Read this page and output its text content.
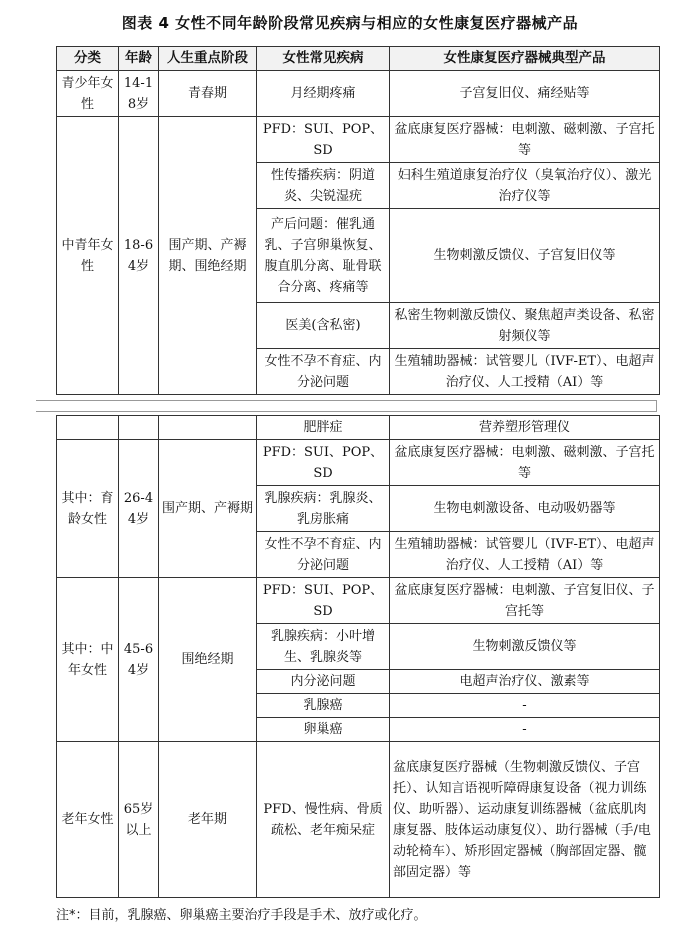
图表 4 女性不同年龄阶段常见疾病与相应的女性康复医疗器械产品
分类	年龄	人生重点阶段	女性常见疾病	女性康复医疗器械典型产品
青少年女性	14-18岁	青春期	月经期疼痛	子宫复旧仪、痛经贴等
中青年女性	18-64岁	围产期、产褥期、围绝经期	PFD：SUI、POP、SD	盆底康复医疗器械：电刺激、磁刺激、子宫托等
			性传播疾病：阴道炎、尖锐湿疣	妇科生殖道康复治疗仪（臭氧治疗仪）、激光治疗仪等
			产后问题：催乳通乳、子宫卵巢恢复、腹直肌分离、耻骨联合分离、疼痛等	生物刺激反馈仪、子宫复旧仪等
			医美(含私密)	私密生物刺激反馈仪、聚焦超声类设备、私密射频仪等
			女性不孕不育症、内分泌问题	生殖辅助器械：试管婴儿（IVF-ET）、电超声治疗仪、人工授精（AI）等
			肥胖症	营养塑形管理仪
其中：育龄女性	26-44岁	围产期、产褥期	PFD：SUI、POP、SD	盆底康复医疗器械：电刺激、磁刺激、子宫托等
			乳腺疾病：乳腺炎、乳房胀痛	生物电刺激设备、电动吸奶器等
			女性不孕不育症、内分泌问题	生殖辅助器械：试管婴儿（IVF-ET）、电超声治疗仪、人工授精（AI）等
其中：中年女性	45-64岁	围绝经期	PFD：SUI、POP、SD	盆底康复医疗器械：电刺激、子宫复旧仪、子宫托等
			乳腺疾病：小叶增生、乳腺炎等	生物刺激反馈仪等
			内分泌问题	电超声治疗仪、激素等
			乳腺癌	-
			卵巢癌	-
老年女性	65岁以上	老年期	PFD、慢性病、骨质疏松、老年痴呆症	盆底康复医疗器械（生物刺激反馈仪、子宫托）、认知言语视听障碍康复设备（视力训练仪、助听器）、运动康复训练器械（盆底肌肉康复器、肢体运动康复仪）、助行器械（手/电动轮椅车）、矫形固定器械（胸部固定器、髋部固定器）等
注*：目前，乳腺癌、卵巢癌主要治疗手段是手术、放疗或化疗。
